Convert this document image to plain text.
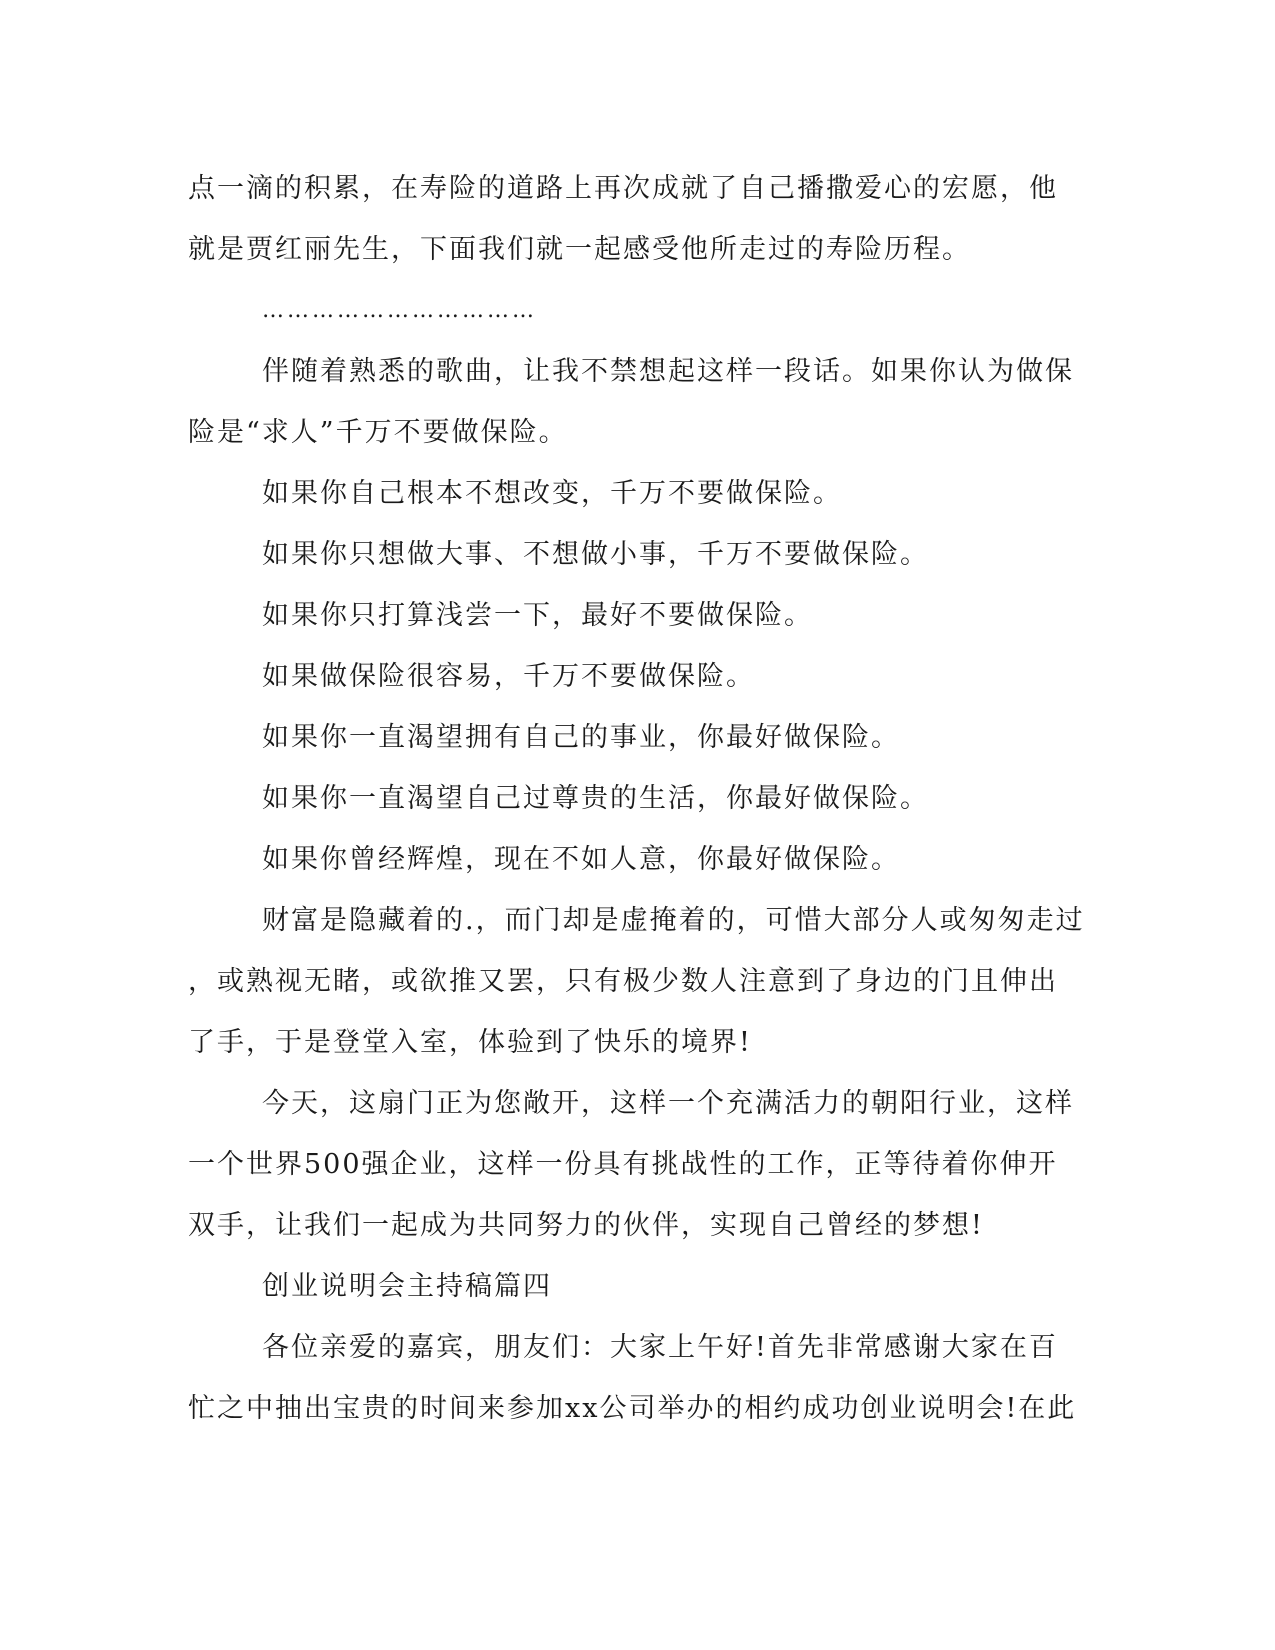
点一滴的积累，在寿险的道路上再次成就了自己播撒爱心的宏愿，他
就是贾红丽先生，下面我们就一起感受他所走过的寿险历程。
……………………………
伴随着熟悉的歌曲，让我不禁想起这样一段话。如果你认为做保
险是“求人”千万不要做保险。
如果你自己根本不想改变，千万不要做保险。
如果你只想做大事、不想做小事，千万不要做保险。
如果你只打算浅尝一下，最好不要做保险。
如果做保险很容易，千万不要做保险。
如果你一直渴望拥有自己的事业，你最好做保险。
如果你一直渴望自己过尊贵的生活，你最好做保险。
如果你曾经辉煌，现在不如人意，你最好做保险。
财富是隐藏着的.，而门却是虚掩着的，可惜大部分人或匆匆走过
，或熟视无睹，或欲推又罢，只有极少数人注意到了身边的门且伸出
了手，于是登堂入室，体验到了快乐的境界!
今天，这扇门正为您敞开，这样一个充满活力的朝阳行业，这样
一个世界500强企业，这样一份具有挑战性的工作，正等待着你伸开
双手，让我们一起成为共同努力的伙伴，实现自己曾经的梦想!
创业说明会主持稿篇四
各位亲爱的嘉宾，朋友们：大家上午好!首先非常感谢大家在百
忙之中抽出宝贵的时间来参加xx公司举办的相约成功创业说明会!在此
